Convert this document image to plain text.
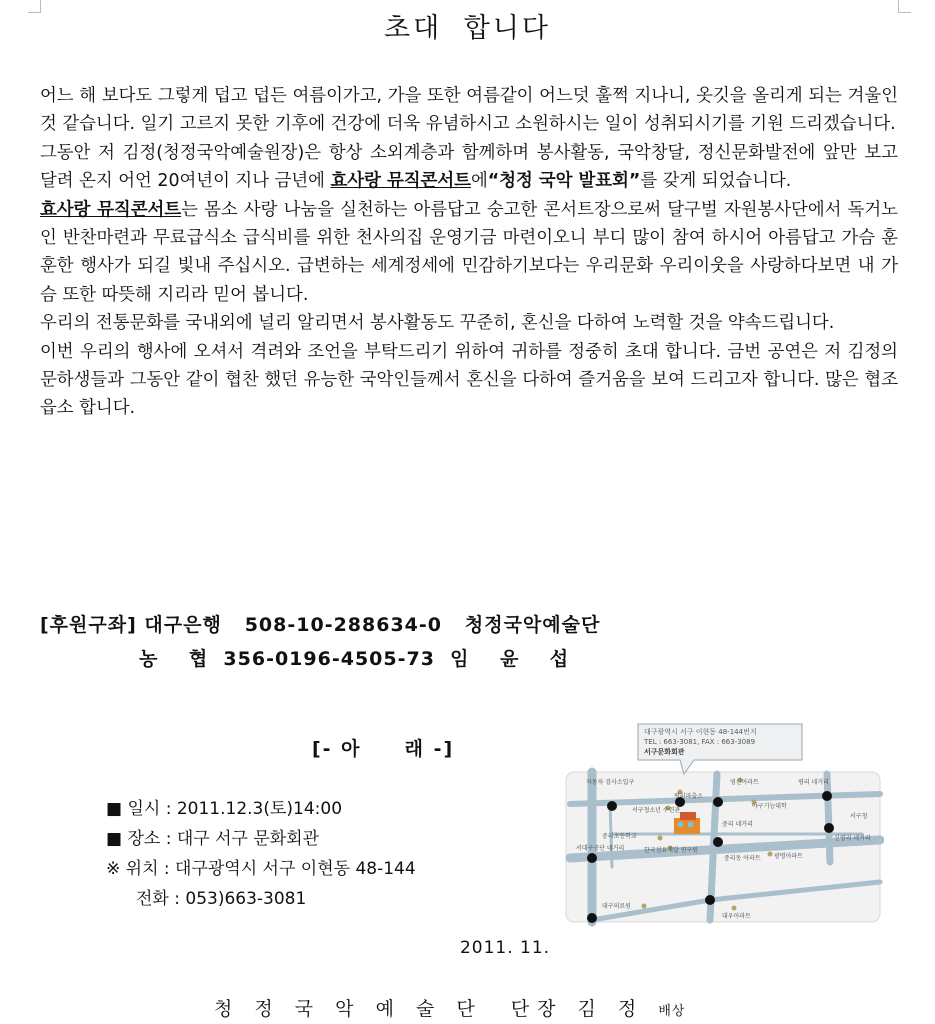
초대 합니다

어느 해 보다도 그렇게 덥고 덥든 여름이가고, 가을 또한 여름같이 어느덧 훌쩍 지나니, 옷깃을 올리게 되는 겨울인 것 같습니다. 일기 고르지 못한 기후에 건강에 더욱 유념하시고 소원하시는 일이 성취되시기를 기원 드리겠습니다.

그동안 저 김정(청정국악예술원장)은 항상 소외계층과 함께하며 봉사활동, 국악창달, 정신문화발전에 앞만 보고 달려 온지 어언 20여년이 지나 금년에 효사랑 뮤직콘서트에“청정 국악 발표회”를 갖게 되었습니다.

효사랑 뮤직콘서트는 몸소 사랑 나눔을 실천하는 아름답고 숭고한 콘서트장으로써 달구벌 자원봉사단에서 독거노인 반찬마련과 무료급식소 급식비를 위한 천사의집 운영기금 마련이오니 부디 많이 참여 하시어 아름답고 가슴 훈훈한 행사가 되길 빛내 주십시오. 급변하는 세계정세에 민감하기보다는 우리문화 우리이웃을 사랑하다보면 내 가슴 또한 따뜻해 지리라 믿어 봅니다.

우리의 전통문화를 국내외에 널리 알리면서 봉사활동도 꾸준히, 혼신을 다하여 노력할 것을 약속드립니다.

이번 우리의 행사에 오셔서 격려와 조언을 부탁드리기 위하여 귀하를 정중히 초대 합니다. 금번 공연은 저 김정의 문하생들과 그동안 같이 협찬 했던 유능한 국악인들께서 혼신을 다하여 즐거움을 보여 드리고자 합니다. 많은 협조 읍소 합니다.

[후원구좌] 대구은행 508-10-288634-0 청정국악예술단
농    협 356-0196-4505-73 임    윤    섭
[- 아     래 -]
■ 일시 : 2011.12.3(토)14:00
■ 장소 : 대구 서구 문화회관
※ 위치 : 대구광역시 서구 이현동 48-144
전화 : 053)663-3081
대구광역시 서구 이현동 48-144번지
TEL : 663-3081, FAX : 663-3089
서구문화회관
자동차 검사소입구
평리파출소
영신아파트	평리 네거리
서구청소년 수련관
야구기능대학
서구청
중리 네거리
중리초등학교	신평리 네거리
서대구공단 네거리	한국섬유개발 연구원
중리동 아파트 광명아파트
대구의료원
대우아파트
2011. 11.
청 정 국 악 예 술 단  단장 김 정 배상
